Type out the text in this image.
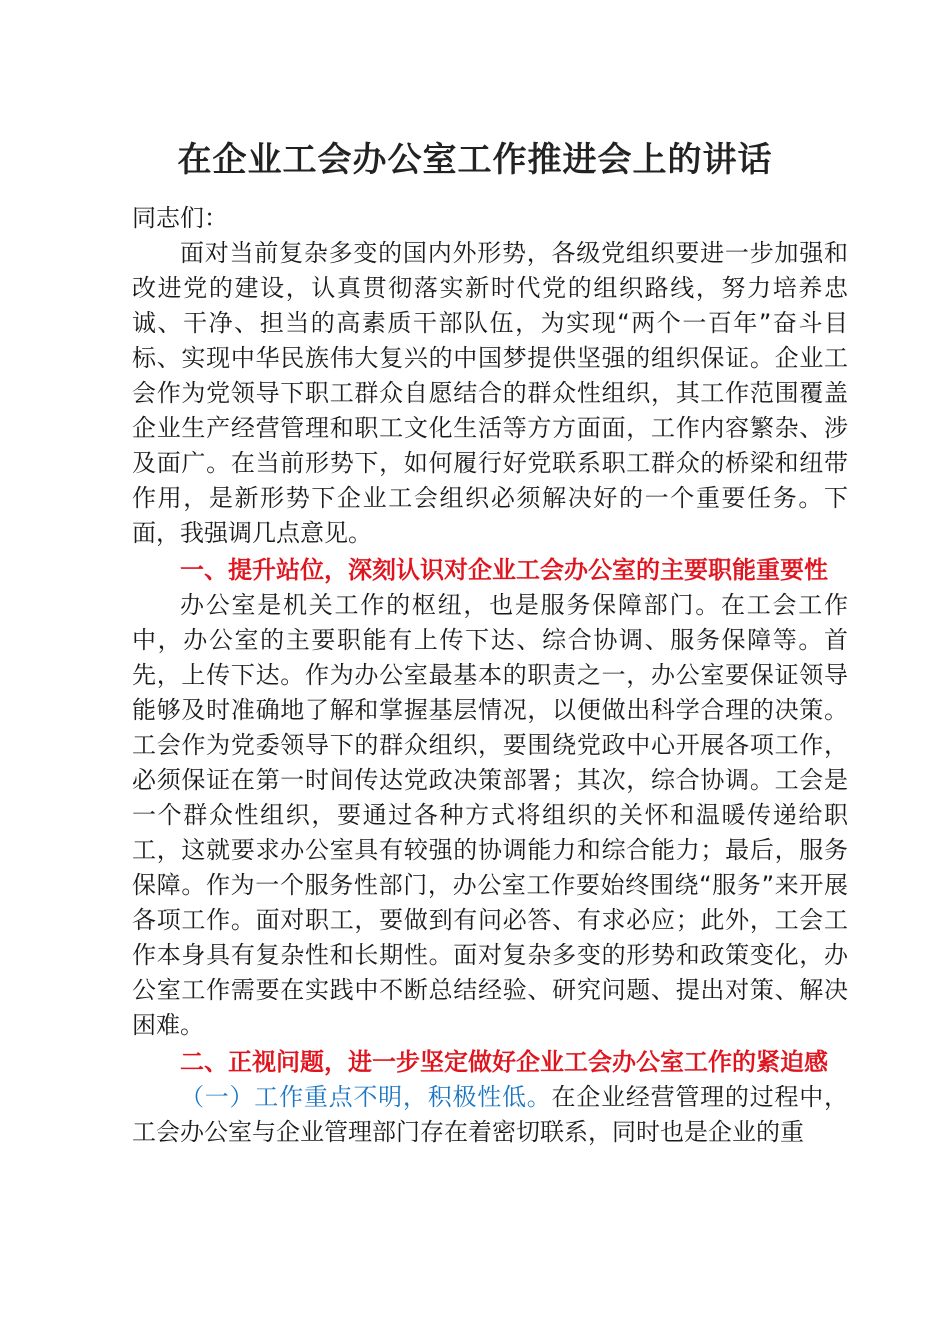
在企业工会办公室工作推进会上的讲话

同志们：

面对当前复杂多变的国内外形势，各级党组织要进一步加强和改进党的建设，认真贯彻落实新时代党的组织路线，努力培养忠诚、干净、担当的高素质干部队伍，为实现“两个一百年”奋斗目标、实现中华民族伟大复兴的中国梦提供坚强的组织保证。企业工会作为党领导下职工群众自愿结合的群众性组织，其工作范围覆盖企业生产经营管理和职工文化生活等方方面面，工作内容繁杂、涉及面广。在当前形势下，如何履行好党联系职工群众的桥梁和纽带作用，是新形势下企业工会组织必须解决好的一个重要任务。下面，我强调几点意见。

一、提升站位，深刻认识对企业工会办公室的主要职能重要性

办公室是机关工作的枢纽，也是服务保障部门。在工会工作中，办公室的主要职能有上传下达、综合协调、服务保障等。首先，上传下达。作为办公室最基本的职责之一，办公室要保证领导能够及时准确地了解和掌握基层情况，以便做出科学合理的决策。工会作为党委领导下的群众组织，要围绕党政中心开展各项工作，必须保证在第一时间传达党政决策部署；其次，综合协调。工会是一个群众性组织，要通过各种方式将组织的关怀和温暖传递给职工，这就要求办公室具有较强的协调能力和综合能力；最后，服务保障。作为一个服务性部门，办公室工作要始终围绕“服务”来开展各项工作。面对职工，要做到有问必答、有求必应；此外，工会工作本身具有复杂性和长期性。面对复杂多变的形势和政策变化，办公室工作需要在实践中不断总结经验、研究问题、提出对策、解决困难。

二、正视问题，进一步坚定做好企业工会办公室工作的紧迫感

（一）工作重点不明，积极性低。在企业经营管理的过程中，工会办公室与企业管理部门存在着密切联系，同时也是企业的重
